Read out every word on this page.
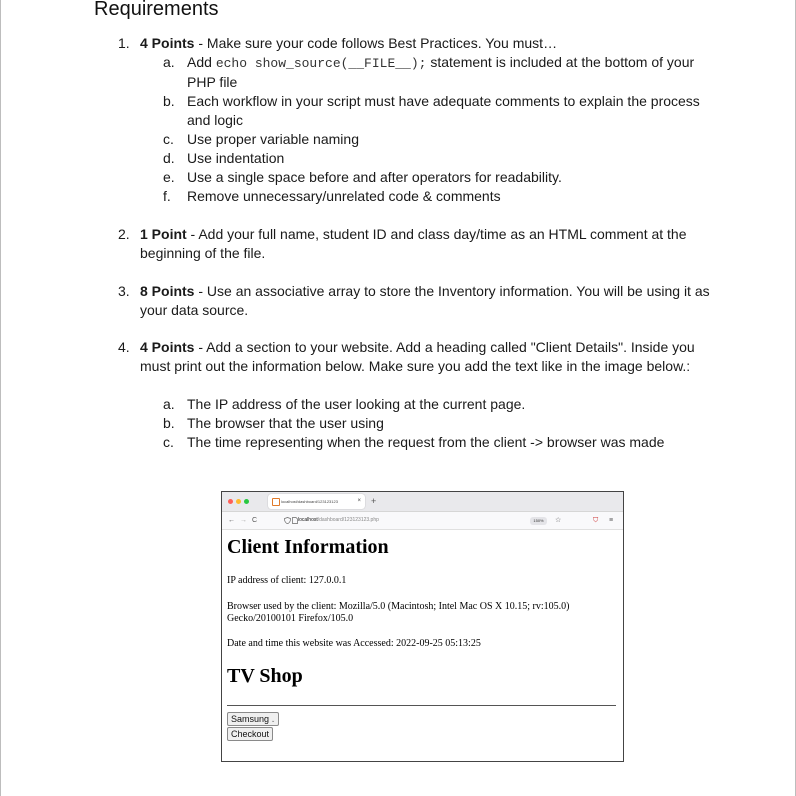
Requirements
1. 4 Points - Make sure your code follows Best Practices. You must…
a. Add echo show_source(__FILE__); statement is included at the bottom of your PHP file
b. Each workflow in your script must have adequate comments to explain the process and logic
c. Use proper variable naming
d. Use indentation
e. Use a single space before and after operators for readability.
f. Remove unnecessary/unrelated code & comments
2. 1 Point - Add your full name, student ID and class day/time as an HTML comment at the beginning of the file.
3. 8 Points - Use an associative array to store the Inventory information. You will be using it as your data source.
4. 4 Points - Add a section to your website. Add a heading called "Client Details". Inside you must print out the information below. Make sure you add the text like in the image below.:
a. The IP address of the user looking at the current page.
b. The browser that the user using
c. The time representing when the request from the client -> browser was made
localhost/dashboard/123123123	× +
← → C	localhost/dashboard/123123123.php	150%	☆	⛉ ≡
Client Information
IP address of client: 127.0.0.1
Browser used by the client: Mozilla/5.0 (Macintosh; Intel Mac OS X 10.15; rv:105.0) Gecko/20100101 Firefox/105.0
Date and time this website was Accessed: 2022-09-25 05:13:25
TV Shop
Samsung ⌄
Checkout
